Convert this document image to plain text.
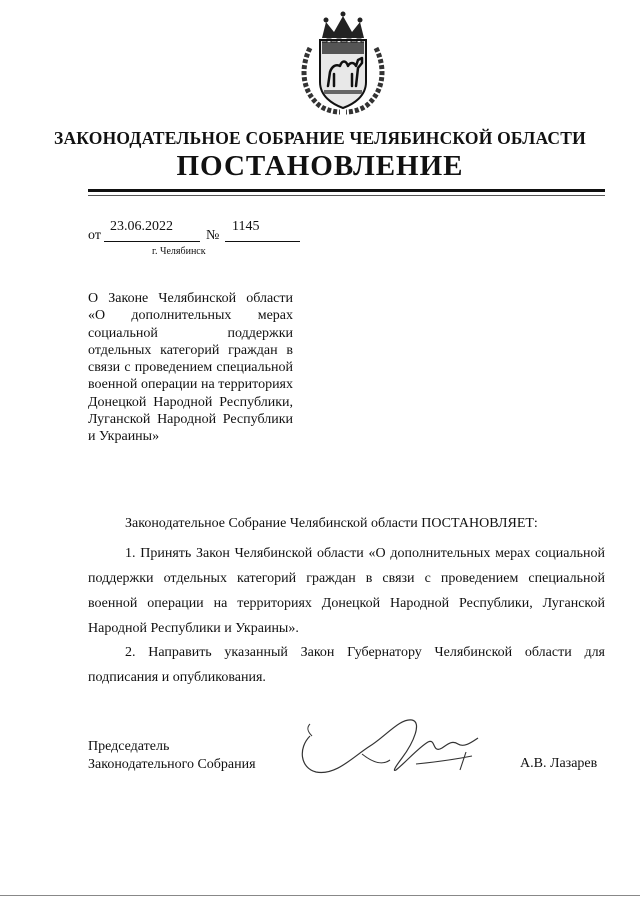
ЗАКОНОДАТЕЛЬНОЕ СОБРАНИЕ ЧЕЛЯБИНСКОЙ ОБЛАСТИ
ПОСТАНОВЛЕНИЕ
от
23.06.2022
№
1145
г. Челябинск
О Законе Челябинской области «О дополнительных мерах социальной поддержки отдельных категорий граждан в связи с проведением специальной военной операции на территориях Донецкой Народной Республики, Луганской Народной Республики и Украины»
Законодательное Собрание Челябинской области ПОСТАНОВЛЯЕТ:
1. Принять Закон Челябинской области «О дополнительных мерах социальной поддержки отдельных категорий граждан в связи с проведением специальной военной операции на территориях Донецкой Народной Республики, Луганской Народной Республики и Украины».
2. Направить указанный Закон Губернатору Челябинской области для подписания и опубликования.
Председатель
Законодательного Собрания	А.В. Лазарев
